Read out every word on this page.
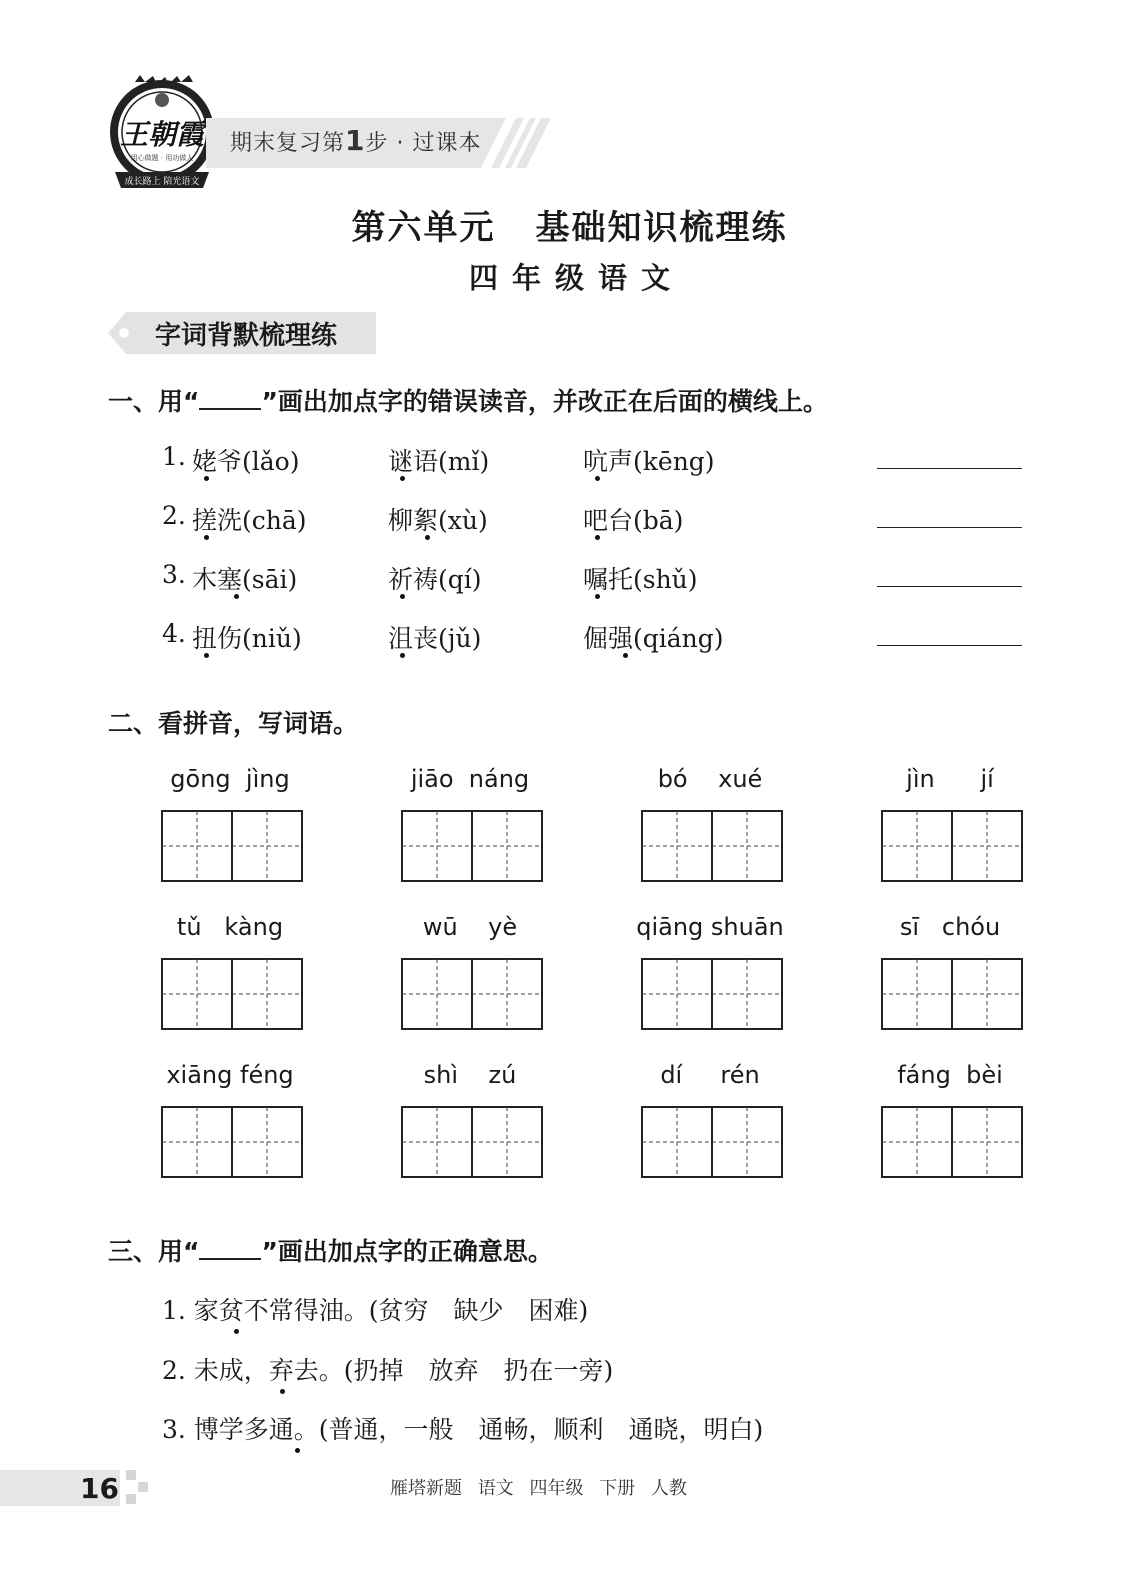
王朝霞
用心做题 · 用功做人
成长路上 陪光语文
期末复习第1步 · 过课本
第六单元 基础知识梳理练
四年级语文
字词背默梳理练
一、用“ ”画出加点字的错误读音，并改正在后面的横线上。
1. 姥爷(lǎo)	谜语(mǐ)	吭声(kēng)
2. 搓洗(chā)	柳絮(xù)	吧台(bā)
3. 木塞(sāi)	祈祷(qí)	嘱托(shǔ)
4. 扭伤(niǔ)	沮丧(jǔ)	倔强(qiáng)
二、看拼音，写词语。
gōng  jìng	jiāo  náng	bó    xué	jìn      jí
tǔ   kàng	wū    yè	qiāng shuān	sī   chóu
xiāng féng	shì    zú	dí     rén	fáng  bèi
三、用“ ”画出加点字的正确意思。
1. 家贫不常得油。(贫穷　缺少　困难)
2. 未成，弃去。(扔掉　放弃　扔在一旁)
3. 博学多通。(普通，一般　通畅，顺利　通晓，明白)
16	雁塔新题 语文 四年级 下册 人教
